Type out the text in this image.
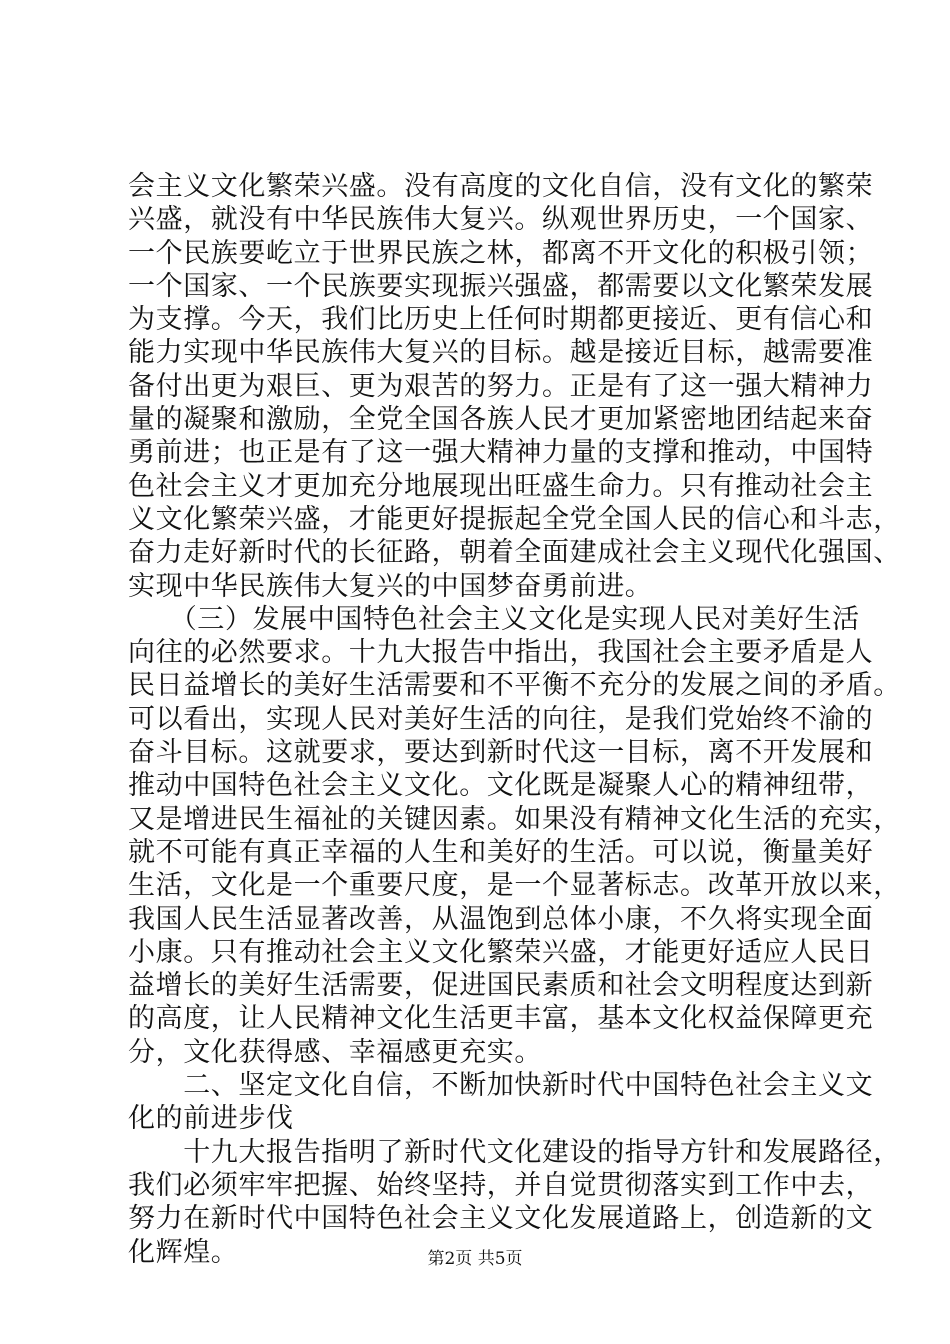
会主义文化繁荣兴盛。没有高度的文化自信，没有文化的繁荣
兴盛，就没有中华民族伟大复兴。纵观世界历史，一个国家、
一个民族要屹立于世界民族之林，都离不开文化的积极引领；
一个国家、一个民族要实现振兴强盛，都需要以文化繁荣发展
为支撑。今天，我们比历史上任何时期都更接近、更有信心和
能力实现中华民族伟大复兴的目标。越是接近目标，越需要准
备付出更为艰巨、更为艰苦的努力。正是有了这一强大精神力
量的凝聚和激励，全党全国各族人民才更加紧密地团结起来奋
勇前进；也正是有了这一强大精神力量的支撑和推动，中国特
色社会主义才更加充分地展现出旺盛生命力。只有推动社会主
义文化繁荣兴盛，才能更好提振起全党全国人民的信心和斗志，
奋力走好新时代的长征路，朝着全面建成社会主义现代化强国、
实现中华民族伟大复兴的中国梦奋勇前进。
　　（三）发展中国特色社会主义文化是实现人民对美好生活
向往的必然要求。十九大报告中指出，我国社会主要矛盾是人
民日益增长的美好生活需要和不平衡不充分的发展之间的矛盾。
可以看出，实现人民对美好生活的向往，是我们党始终不渝的
奋斗目标。这就要求，要达到新时代这一目标，离不开发展和
推动中国特色社会主义文化。文化既是凝聚人心的精神纽带，
又是增进民生福祉的关键因素。如果没有精神文化生活的充实，
就不可能有真正幸福的人生和美好的生活。可以说，衡量美好
生活，文化是一个重要尺度，是一个显著标志。改革开放以来，
我国人民生活显著改善，从温饱到总体小康，不久将实现全面
小康。只有推动社会主义文化繁荣兴盛，才能更好适应人民日
益增长的美好生活需要，促进国民素质和社会文明程度达到新
的高度，让人民精神文化生活更丰富，基本文化权益保障更充
分，文化获得感、幸福感更充实。
　　二、坚定文化自信，不断加快新时代中国特色社会主义文
化的前进步伐
　　十九大报告指明了新时代文化建设的指导方针和发展路径，
我们必须牢牢把握、始终坚持，并自觉贯彻落实到工作中去，
努力在新时代中国特色社会主义文化发展道路上，创造新的文
化辉煌。	第2页 共5页
